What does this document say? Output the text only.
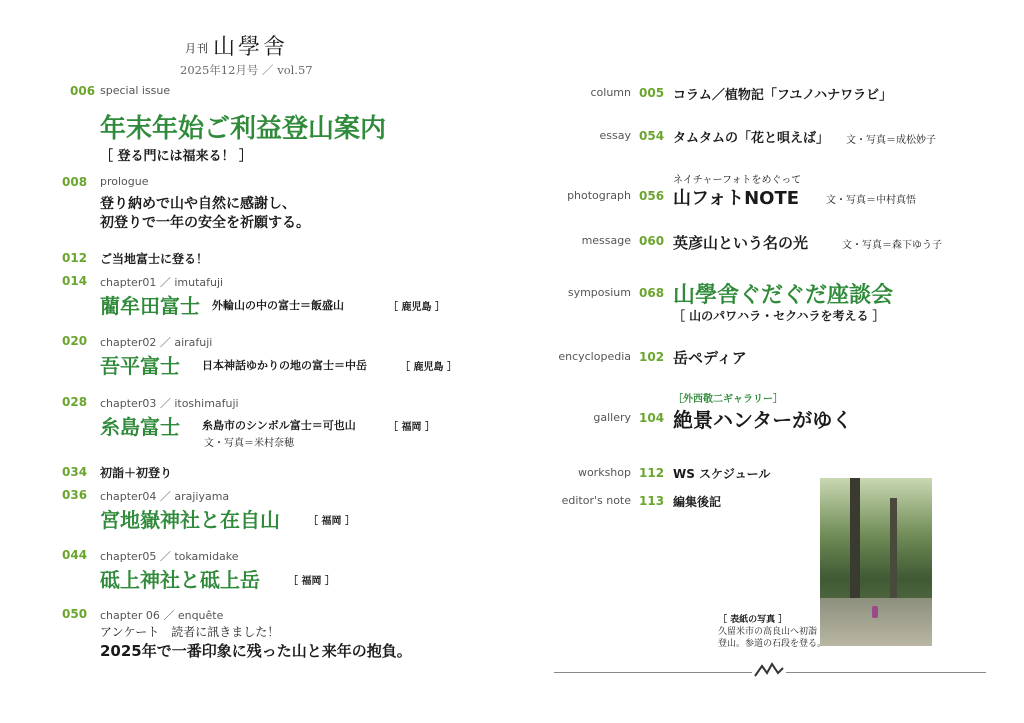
月刊 山學舎
2025年12月号 ／ vol.57
006 special issue
年末年始ご利益登山案内
［ 登る門には福来る！ ］
008 prologue
登り納めで山や自然に感謝し、
初登りで一年の安全を祈願する。
012 ご当地富士に登る！
014 chapter01 ／ imutafuji
藺牟田富士 外輪山の中の富士＝飯盛山	［ 鹿児島 ］
020 chapter02 ／ airafuji
吾平富士 日本神話ゆかりの地の富士＝中岳	［ 鹿児島 ］
028 chapter03 ／ itoshimafuji
糸島富士 糸島市のシンボル富士＝可也山	［ 福岡 ］
文・写真＝米村奈穂
034 初詣＋初登り
036 chapter04 ／ arajiyama
宮地嶽神社と在自山	［ 福岡 ］
044 chapter05 ／ tokamidake
砥上神社と砥上岳	［ 福岡 ］
050 chapter 06 ／ enquête
アンケート　読者に訊きました！
2025年で一番印象に残った山と来年の抱負。
column 005 コラム／植物記「フユノハナワラビ」
essay 054 タムタムの「花と唄えば」 文・写真＝成松妙子
ネイチャーフォトをめぐって
photograph 056 山フォトNOTE	文・写真＝中村真悟
message 060 英彦山という名の光	文・写真＝森下ゆう子
symposium 068 山學舎ぐだぐだ座談会
［ 山のパワハラ・セクハラを考える ］
encyclopedia 102 岳ペディア
［外西敬二ギャラリー］
gallery 104 絶景ハンターがゆく
workshop 112 WS スケジュール
editor's note 113 編集後記
［ 表紙の写真 ］
久留米市の高良山へ初詣
登山。参道の石段を登る。
